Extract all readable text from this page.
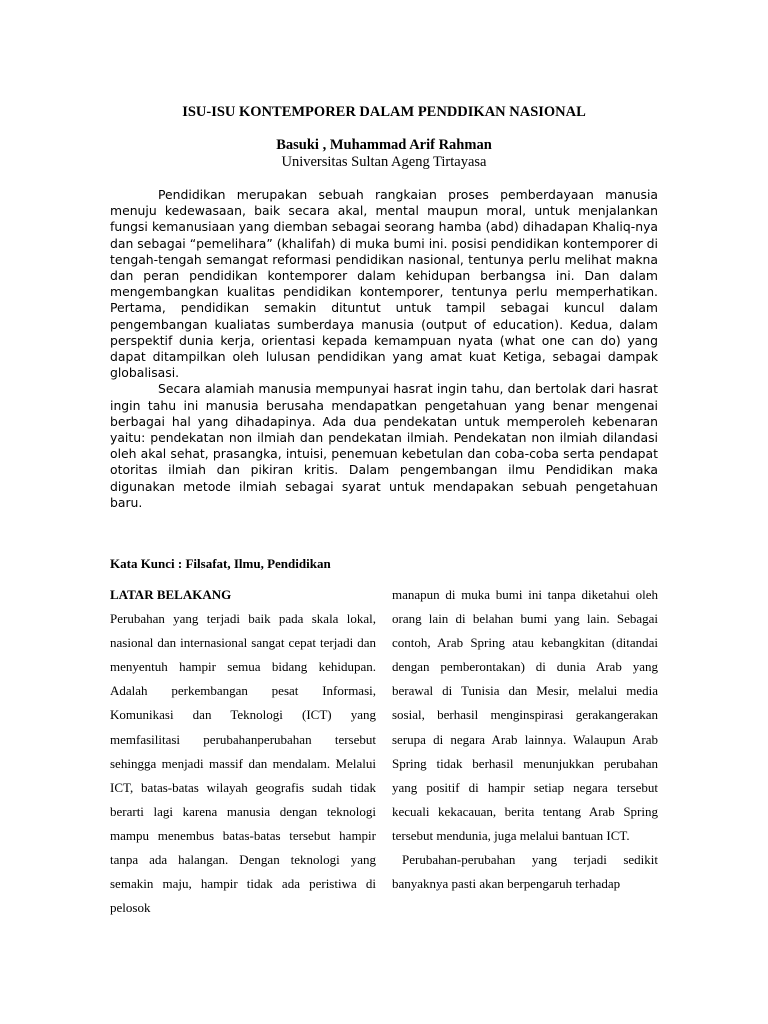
ISU-ISU KONTEMPORER DALAM PENDDIKAN NASIONAL
Basuki , Muhammad Arif Rahman
Universitas Sultan Ageng Tirtayasa

Pendidikan merupakan sebuah rangkaian proses pemberdayaan manusia menuju kedewasaan, baik secara akal, mental maupun moral, untuk menjalankan fungsi kemanusiaan yang diemban sebagai seorang hamba (abd) dihadapan Khaliq-nya dan sebagai “pemelihara” (khalifah) di muka bumi ini. posisi pendidikan kontemporer di tengah-tengah semangat reformasi pendidikan nasional, tentunya perlu melihat makna dan peran pendidikan kontemporer dalam kehidupan berbangsa ini. Dan dalam mengembangkan kualitas pendidikan kontemporer, tentunya perlu memperhatikan. Pertama, pendidikan semakin dituntut untuk tampil sebagai kuncul dalam pengembangan kualiatas sumberdaya manusia (output of education). Kedua, dalam perspektif dunia kerja, orientasi kepada kemampuan nyata (what one can do) yang dapat ditampilkan oleh lulusan pendidikan yang amat kuat Ketiga, sebagai dampak globalisasi.

Secara alamiah manusia mempunyai hasrat ingin tahu, dan bertolak dari hasrat ingin tahu ini manusia berusaha mendapatkan pengetahuan yang benar mengenai berbagai hal yang dihadapinya. Ada dua pendekatan untuk memperoleh kebenaran yaitu: pendekatan non ilmiah dan pendekatan ilmiah. Pendekatan non ilmiah dilandasi oleh akal sehat, prasangka, intuisi, penemuan kebetulan dan coba-coba serta pendapat otoritas ilmiah dan pikiran kritis. Dalam pengembangan ilmu Pendidikan maka digunakan metode ilmiah sebagai syarat untuk mendapakan sebuah pengetahuan baru.

Kata Kunci : Filsafat, Ilmu, Pendidikan

LATAR BELAKANG

Perubahan yang terjadi baik pada skala lokal, nasional dan internasional sangat cepat terjadi dan menyentuh hampir semua bidang kehidupan. Adalah perkembangan pesat Informasi, Komunikasi dan Teknologi (ICT) yang memfasilitasi perubahanperubahan tersebut sehingga menjadi massif dan mendalam. Melalui ICT, batas-batas wilayah geografis sudah tidak berarti lagi karena manusia dengan teknologi mampu menembus batas-batas tersebut hampir tanpa ada halangan. Dengan teknologi yang semakin maju, hampir tidak ada peristiwa di pelosok

manapun di muka bumi ini tanpa diketahui oleh orang lain di belahan bumi yang lain. Sebagai contoh, Arab Spring atau kebangkitan (ditandai dengan pemberontakan) di dunia Arab yang berawal di Tunisia dan Mesir, melalui media sosial, berhasil menginspirasi gerakangerakan serupa di negara Arab lainnya. Walaupun Arab Spring tidak berhasil menunjukkan perubahan yang positif di hampir setiap negara tersebut kecuali kekacauan, berita tentang Arab Spring tersebut mendunia, juga melalui bantuan ICT.

Perubahan-perubahan yang terjadi sedikit banyaknya pasti akan berpengaruh terhadap
